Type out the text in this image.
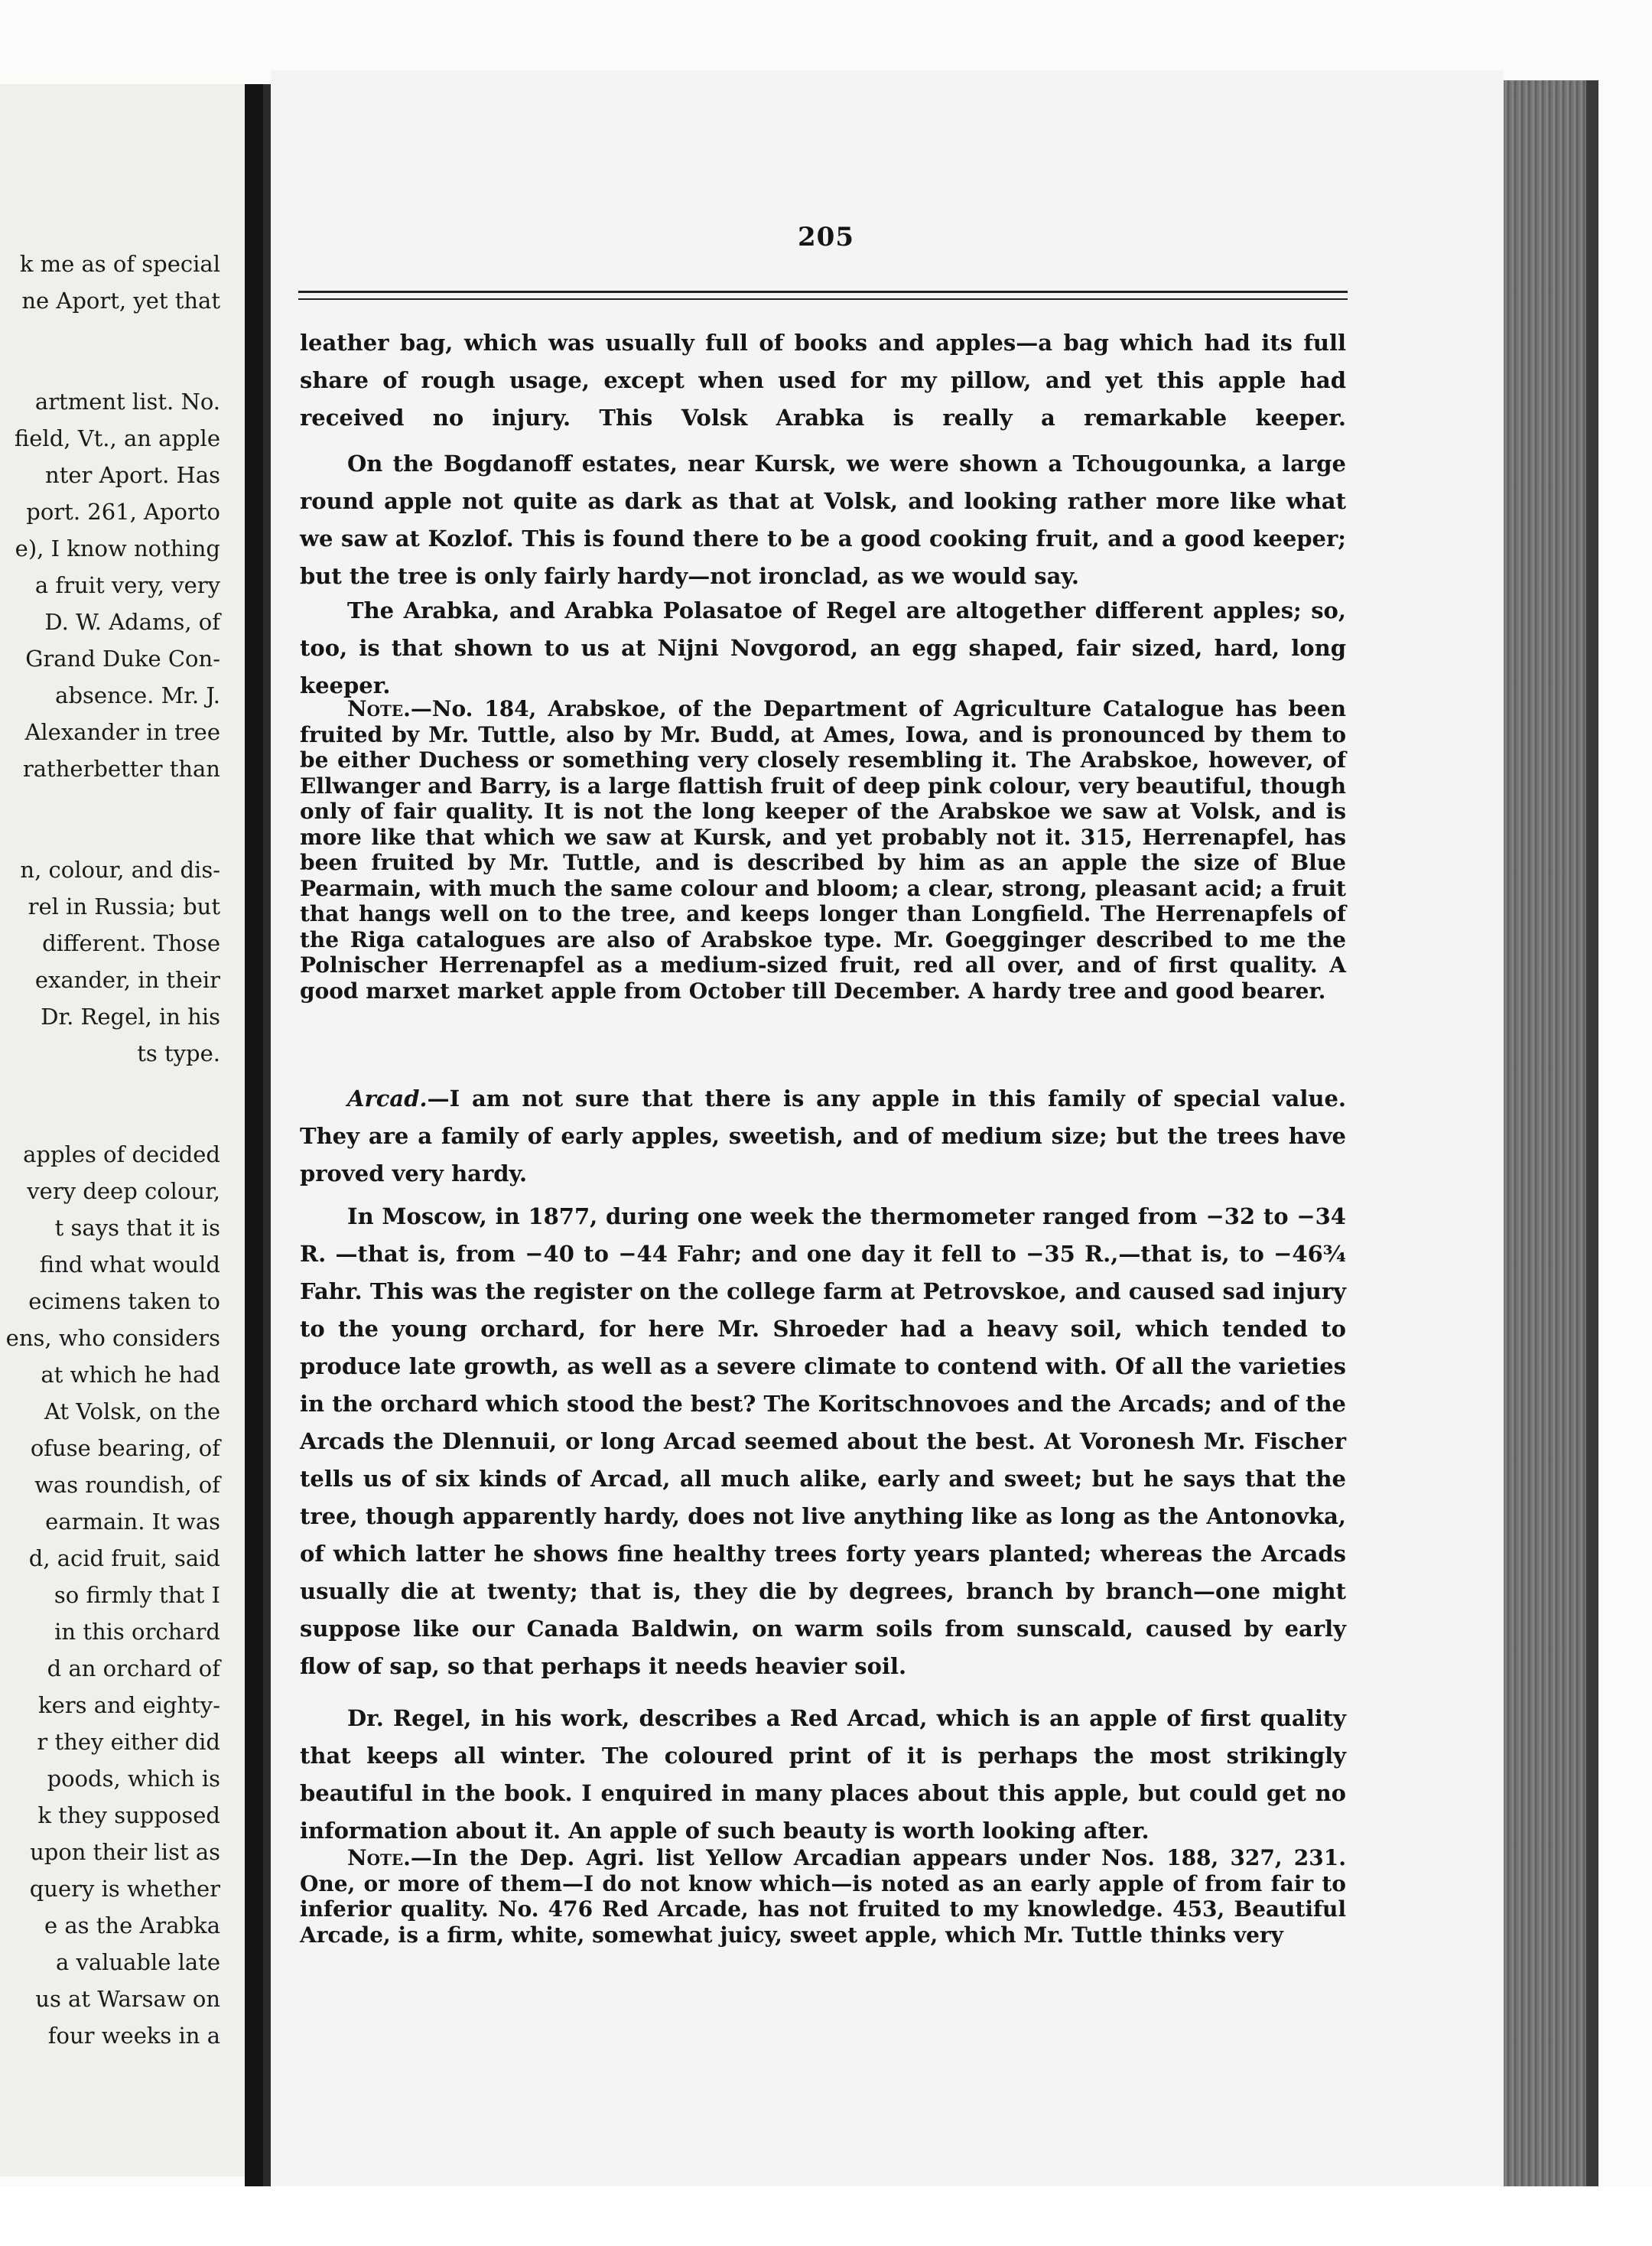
k me as of special
ne Aport, yet that
artment list. No.
field, Vt., an apple
nter Aport. Has
port. 261, Aporto
e), I know nothing
a fruit very, very
D. W. Adams, of
Grand Duke Con-
absence. Mr. J.
Alexander in tree
ratherbetter than
n, colour, and dis-
rel in Russia; but
different. Those
exander, in their
Dr. Regel, in his
ts type.
apples of decided
very deep colour,
t says that it is
find what would
ecimens taken to
ens, who considers
at which he had
At Volsk, on the
ofuse bearing, of
was roundish, of
earmain. It was
d, acid fruit, said
so firmly that I
in this orchard
d an orchard of
kers and eighty-
r they either did
poods, which is
k they supposed
upon their list as
query is whether
e as the Arabka
a valuable late
us at Warsaw on
four weeks in a
205
leather bag, which was usually full of books and apples—a bag which had its full share of rough usage, except when used for my pillow, and yet this apple had received no injury. This Volsk Arabka is really a remarkable keeper.
On the Bogdanoff estates, near Kursk, we were shown a Tchougounka, a large round apple not quite as dark as that at Volsk, and looking rather more like what we saw at Kozlof. This is found there to be a good cooking fruit, and a good keeper; but the tree is only fairly hardy—not ironclad, as we would say.
The Arabka, and Arabka Polasatoe of Regel are altogether different apples; so, too, is that shown to us at Nijni Novgorod, an egg shaped, fair sized, hard, long keeper.
Note.—No. 184, Arabskoe, of the Department of Agriculture Catalogue has been fruited by Mr. Tuttle, also by Mr. Budd, at Ames, Iowa, and is pronounced by them to be either Duchess or something very closely resembling it. The Arabskoe, however, of Ellwanger and Barry, is a large flattish fruit of deep pink colour, very beautiful, though only of fair quality. It is not the long keeper of the Arabskoe we saw at Volsk, and is more like that which we saw at Kursk, and yet probably not it. 315, Herrenapfel, has been fruited by Mr. Tuttle, and is described by him as an apple the size of Blue Pearmain, with much the same colour and bloom; a clear, strong, pleasant acid; a fruit that hangs well on to the tree, and keeps longer than Longfield. The Herrenapfels of the Riga catalogues are also of Arabskoe type. Mr. Goegginger described to me the Polnischer Herrenapfel as a medium-sized fruit, red all over, and of first quality. A good marxet market apple from October till December. A hardy tree and good bearer.
Arcad.—I am not sure that there is any apple in this family of special value. They are a family of early apples, sweetish, and of medium size; but the trees have proved very hardy.
In Moscow, in 1877, during one week the thermometer ranged from −32 to −34 R. —that is, from −40 to −44 Fahr; and one day it fell to −35 R.,—that is, to −46¾ Fahr. This was the register on the college farm at Petrovskoe, and caused sad injury to the young orchard, for here Mr. Shroeder had a heavy soil, which tended to produce late growth, as well as a severe climate to contend with. Of all the varieties in the orchard which stood the best? The Koritschnovoes and the Arcads; and of the Arcads the Dlennuii, or long Arcad seemed about the best. At Voronesh Mr. Fischer tells us of six kinds of Arcad, all much alike, early and sweet; but he says that the tree, though apparently hardy, does not live anything like as long as the Antonovka, of which latter he shows fine healthy trees forty years planted; whereas the Arcads usually die at twenty; that is, they die by degrees, branch by branch—one might suppose like our Canada Baldwin, on warm soils from sunscald, caused by early flow of sap, so that perhaps it needs heavier soil.
Dr. Regel, in his work, describes a Red Arcad, which is an apple of first quality that keeps all winter. The coloured print of it is perhaps the most strikingly beautiful in the book. I enquired in many places about this apple, but could get no information about it. An apple of such beauty is worth looking after.
Note.—In the Dep. Agri. list Yellow Arcadian appears under Nos. 188, 327, 231. One, or more of them—I do not know which—is noted as an early apple of from fair to inferior quality. No. 476 Red Arcade, has not fruited to my knowledge. 453, Beautiful Arcade, is a firm, white, somewhat juicy, sweet apple, which Mr. Tuttle thinks very
